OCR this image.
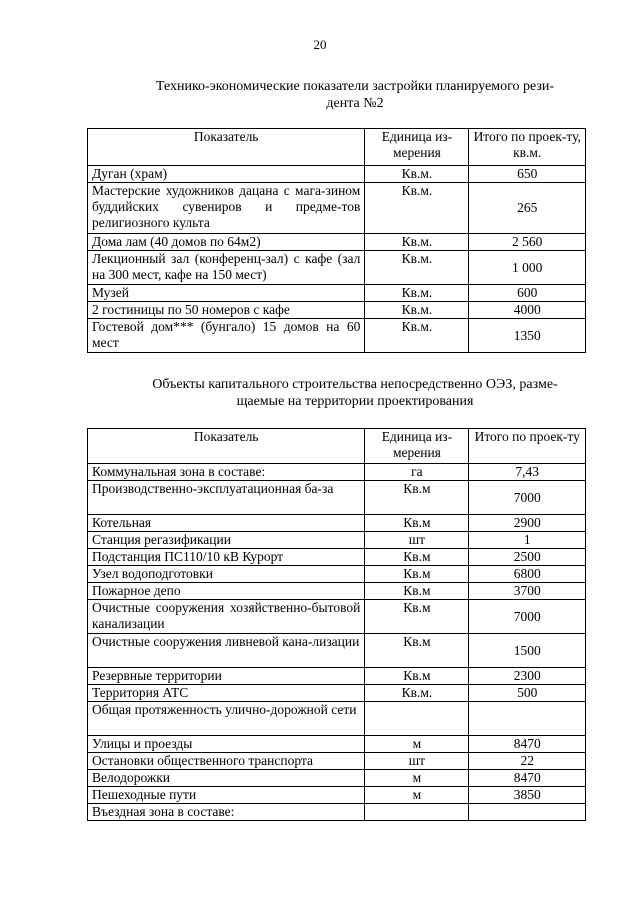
20
Технико-экономические показатели застройки планируемого рези-
дента №2
Показатель	Единица из-мерения	Итого по проек-ту, кв.м.
Дуган (храм)	Кв.м.	650
Мастерские художников дацана с мага-зином буддийских сувениров и предме-тов религиозного культа	Кв.м.	265
Дома лам (40 домов по 64м2)	Кв.м.	2 560
Лекционный зал (конференц-зал) с кафе (зал на 300 мест, кафе на 150 мест)	Кв.м.	1 000
Музей	Кв.м.	600
2 гостиницы по 50 номеров с кафе	Кв.м.	4000
Гостевой дом*** (бунгало) 15 домов на 60 мест	Кв.м.	1350
Объекты капитального строительства непосредственно ОЭЗ, разме-
щаемые на территории проектирования
Показатель	Единица из-мерения	Итого по проек-ту
Коммунальная зона в составе:	га	7,43
Производственно-эксплуатационная ба-за	Кв.м	7000
Котельная	Кв.м	2900
Станция регазификации	шт	1
Подстанция ПС110/10 кВ Курорт	Кв.м	2500
Узел водоподготовки	Кв.м	6800
Пожарное депо	Кв.м	3700
Очистные сооружения хозяйственно-бытовой канализации	Кв.м	7000
Очистные сооружения ливневой кана-лизации	Кв.м	1500
Резервные территории	Кв.м	2300
Территория АТС	Кв.м.	500
Общая протяженность улично-дорожной сети		
Улицы и проезды	м	8470
Остановки общественного транспорта	шт	22
Велодорожки	м	8470
Пешеходные пути	м	3850
Въездная зона в составе:		
